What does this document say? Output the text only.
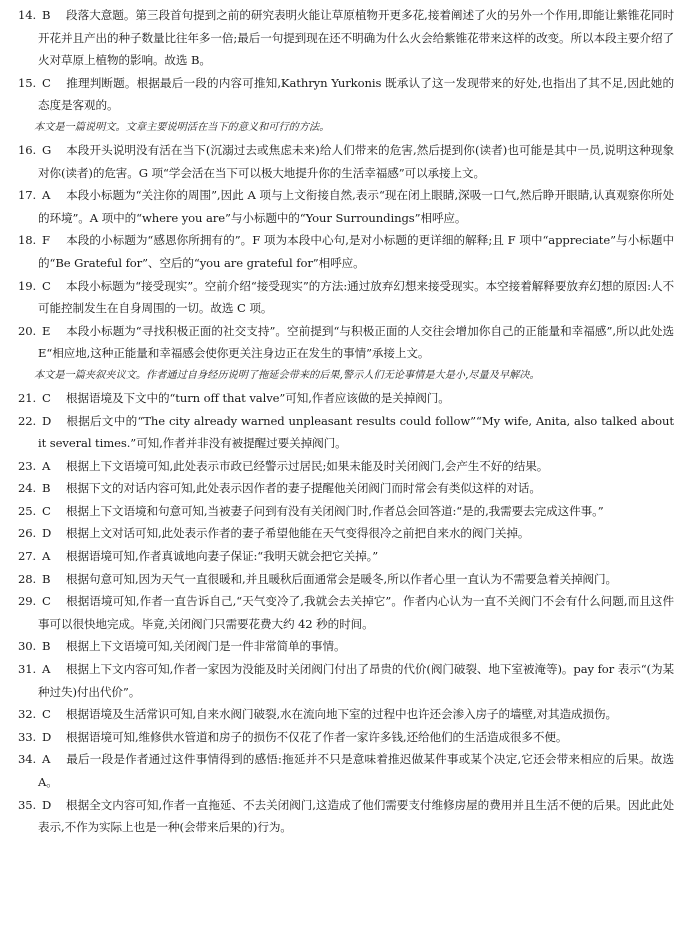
14. B 段落大意题。第三段首句提到之前的研究表明火能让草原植物开更多花,接着阐述了火的另外一个作用,即能让紫锥花同时开花并且产出的种子数量比往年多一倍;最后一句提到现在还不明确为什么火会给紫锥花带来这样的改变。所以本段主要介绍了火对草原上植物的影响。故选 B。
15. C 推理判断题。根据最后一段的内容可推知,Kathryn Yurkonis 既承认了这一发现带来的好处,也指出了其不足,因此她的态度是客观的。
本文是一篇说明文。文章主要说明活在当下的意义和可行的方法。
16. G 本段开头说明没有活在当下(沉溺过去或焦虑未来)给人们带来的危害,然后提到你(读者)也可能是其中一员,说明这种现象对你(读者)的危害。G 项“学会活在当下可以极大地提升你的生活幸福感”可以承接上文。
17. A 本段小标题为“关注你的周围”,因此 A 项与上文衔接自然,表示“现在闭上眼睛,深吸一口气,然后睁开眼睛,认真观察你所处的环境”。A 项中的“where you are”与小标题中的“Your Surroundings”相呼应。
18. F 本段的小标题为“感恩你所拥有的”。F 项为本段中心句,是对小标题的更详细的解释;且 F 项中“appreciate”与小标题中的“Be Grateful for”、空后的“you are grateful for”相呼应。
19. C 本段小标题为“接受现实”。空前介绍“接受现实”的方法:通过放弃幻想来接受现实。本空接着解释要放弃幻想的原因:人不可能控制发生在自身周围的一切。故选 C 项。
20. E 本段小标题为“寻找积极正面的社交支持”。空前提到“与积极正面的人交往会增加你自己的正能量和幸福感”,所以此处选 E“相应地,这种正能量和幸福感会使你更关注身边正在发生的事情”承接上文。
本文是一篇夹叙夹议文。作者通过自身经历说明了拖延会带来的后果,警示人们无论事情是大是小,尽量及早解决。
21. C 根据语境及下文中的“turn off that valve”可知,作者应该做的是关掉阀门。
22. D 根据后文中的“The city already warned unpleasant results could follow”“My wife, Anita, also talked about it several times.”可知,作者并非没有被提醒过要关掉阀门。
23. A 根据上下文语境可知,此处表示市政已经警示过居民;如果未能及时关闭阀门,会产生不好的结果。
24. B 根据下文的对话内容可知,此处表示因作者的妻子提醒他关闭阀门而时常会有类似这样的对话。
25. C 根据上下文语境和句意可知,当被妻子问到有没有关闭阀门时,作者总会回答道:“是的,我需要去完成这件事。”
26. D 根据上文对话可知,此处表示作者的妻子希望他能在天气变得很冷之前把自来水的阀门关掉。
27. A 根据语境可知,作者真诚地向妻子保证:“我明天就会把它关掉。”
28. B 根据句意可知,因为天气一直很暖和,并且暖秋后面通常会是暖冬,所以作者心里一直认为不需要急着关掉阀门。
29. C 根据语境可知,作者一直告诉自己,“天气变冷了,我就会去关掉它”。作者内心认为一直不关阀门不会有什么问题,而且这件事可以很快地完成。毕竟,关闭阀门只需要花费大约 42 秒的时间。
30. B 根据上下文语境可知,关闭阀门是一件非常简单的事情。
31. A 根据上下文内容可知,作者一家因为没能及时关闭阀门付出了昂贵的代价(阀门破裂、地下室被淹等)。pay for 表示“(为某种过失)付出代价”。
32. C 根据语境及生活常识可知,自来水阀门破裂,水在流向地下室的过程中也许还会渗入房子的墙壁,对其造成损伤。
33. D 根据语境可知,维修供水管道和房子的损伤不仅花了作者一家许多钱,还给他们的生活造成很多不便。
34. A 最后一段是作者通过这件事情得到的感悟:拖延并不只是意味着推迟做某件事或某个决定,它还会带来相应的后果。故选 A。
35. D 根据全文内容可知,作者一直拖延、不去关闭阀门,这造成了他们需要支付维修房屋的费用并且生活不便的后果。因此此处表示,不作为实际上也是一种(会带来后果的)行为。
